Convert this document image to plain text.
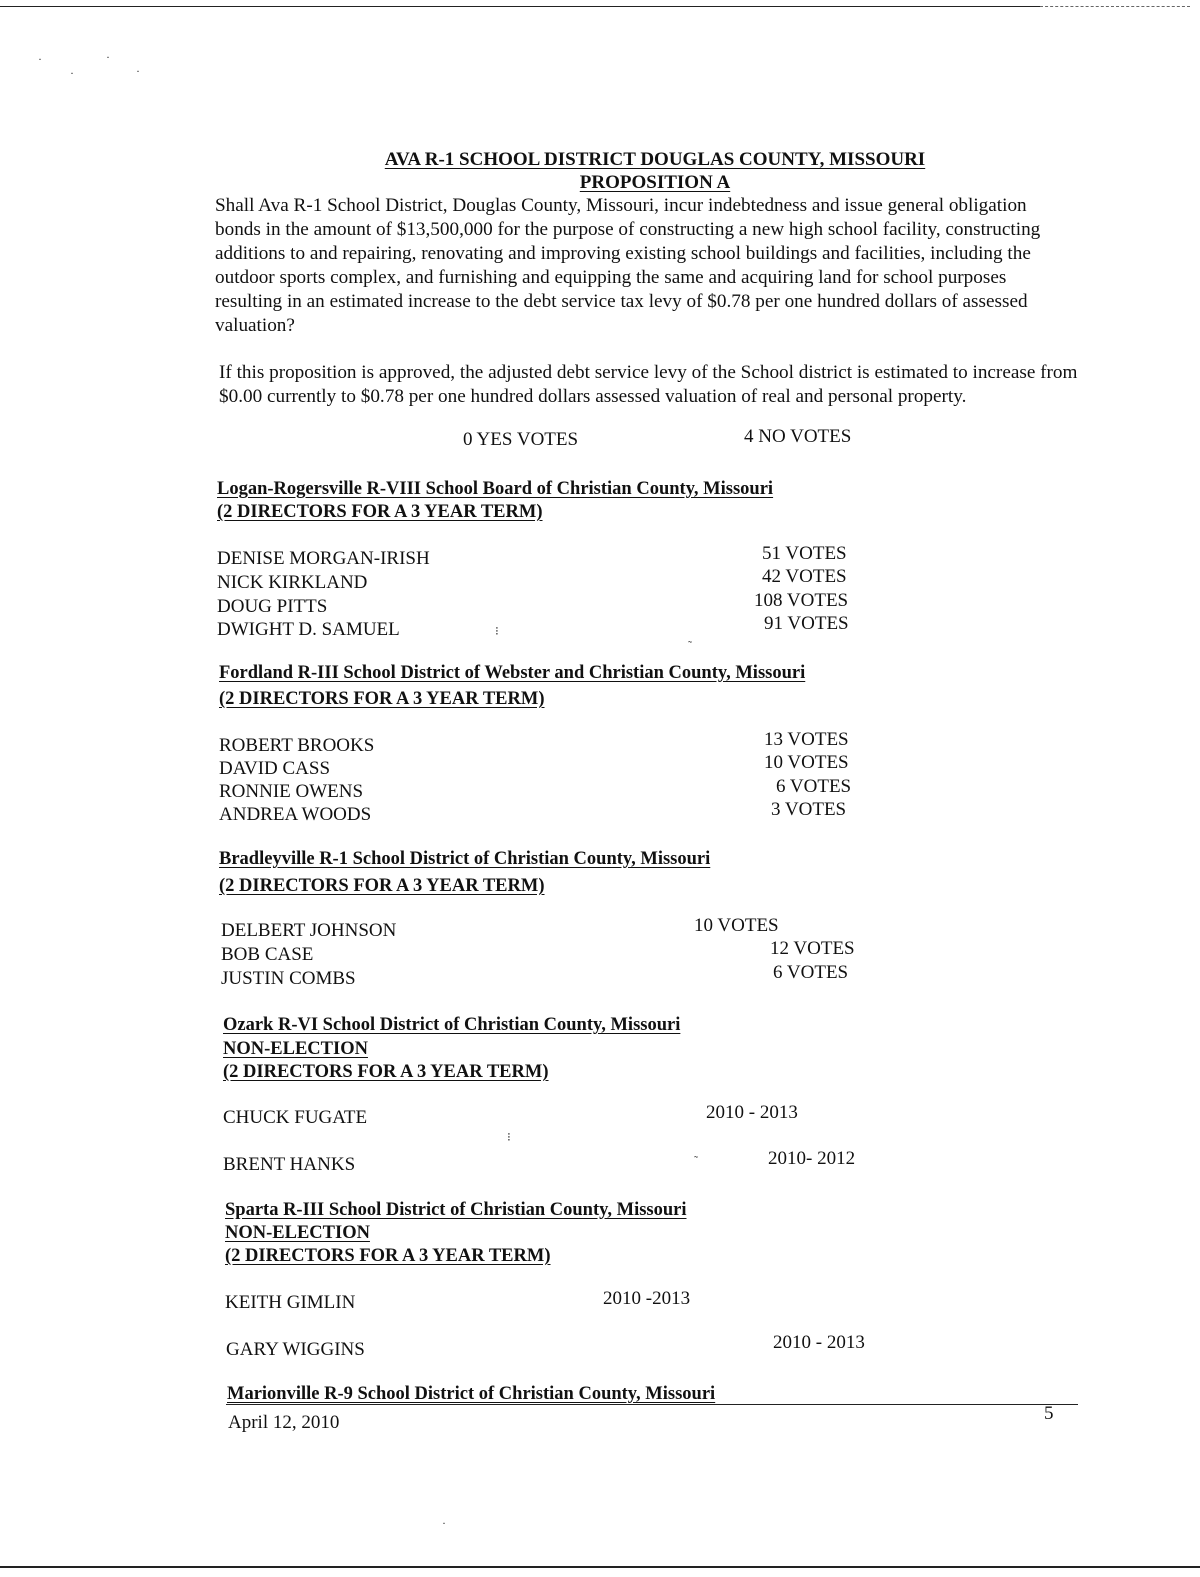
·
·
·
·
AVA R-1 SCHOOL DISTRICT DOUGLAS COUNTY, MISSOURI
PROPOSITION A
Shall Ava R-1 School District, Douglas County, Missouri, incur indebtedness and issue general obligation bonds in the amount of $13,500,000 for the purpose of constructing a new high school facility, constructing additions to and repairing, renovating and improving existing school buildings and facilities, including the outdoor sports complex, and furnishing and equipping the same and acquiring land for school purposes resulting in an estimated increase to the debt service tax levy of $0.78 per one hundred dollars of assessed valuation?
If this proposition is approved, the adjusted debt service levy of the School district is estimated to increase from $0.00 currently to $0.78 per one hundred dollars assessed valuation of real and personal property.
0 YES VOTES	4 NO VOTES
Logan-Rogersville R-VIII School Board of Christian County, Missouri
(2 DIRECTORS FOR A 3 YEAR TERM)
DENISE MORGAN-IRISH	51 VOTES
NICK KIRKLAND	42 VOTES
DOUG PITTS	108 VOTES
DWIGHT D. SAMUEL	91 VOTES
Fordland R-III School District of Webster and Christian County, Missouri
(2 DIRECTORS FOR A 3 YEAR TERM)
ROBERT BROOKS	13 VOTES
DAVID CASS	10 VOTES
RONNIE OWENS	6 VOTES
ANDREA WOODS	3 VOTES
Bradleyville R-1 School District of Christian County, Missouri
(2 DIRECTORS FOR A 3 YEAR TERM)
DELBERT JOHNSON	10 VOTES
BOB CASE	12 VOTES
JUSTIN COMBS	6 VOTES
Ozark R-VI School District of Christian County, Missouri
NON-ELECTION
(2 DIRECTORS FOR A 3 YEAR TERM)
CHUCK FUGATE	2010 - 2013
BRENT HANKS	2010- 2012
Sparta R-III School District of Christian County, Missouri
NON-ELECTION
(2 DIRECTORS FOR A 3 YEAR TERM)
KEITH GIMLIN	2010 -2013
GARY WIGGINS	2010 - 2013
Marionville R-9 School District of Christian County, Missouri
April 12, 2010	5
⁝
˜
⁝
˜
·
